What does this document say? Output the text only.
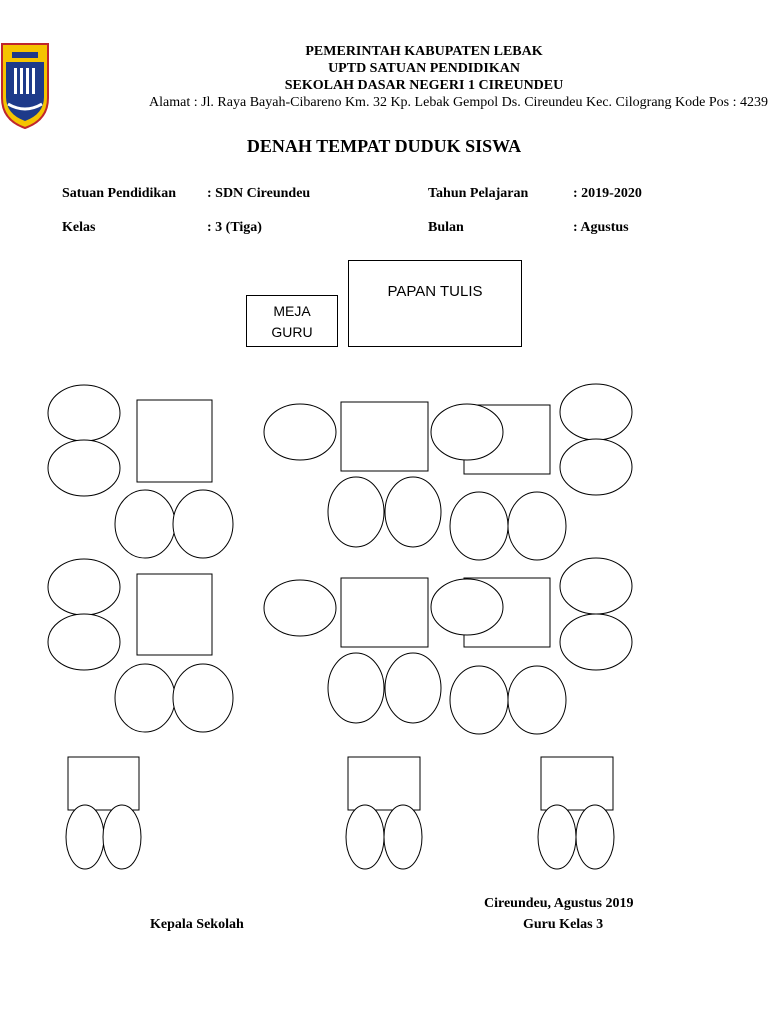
PEMERINTAH KABUPATEN LEBAK
UPTD SATUAN PENDIDIKAN
SEKOLAH DASAR NEGERI 1 CIREUNDEU
Alamat : Jl. Raya Bayah-Cibareno Km. 32 Kp. Lebak Gempol Ds. Cireundeu Kec. Cilograng Kode Pos : 4239
DENAH TEMPAT DUDUK SISWA
Satuan Pendidikan : SDN Cireundeu	Tahun Pelajaran	: 2019-2020
Kelas	: 3 (Tiga)	Bulan	: Agustus
PAPAN TULIS
MEJA
GURU
Cireundeu, Agustus 2019
Kepala Sekolah	Guru Kelas 3
